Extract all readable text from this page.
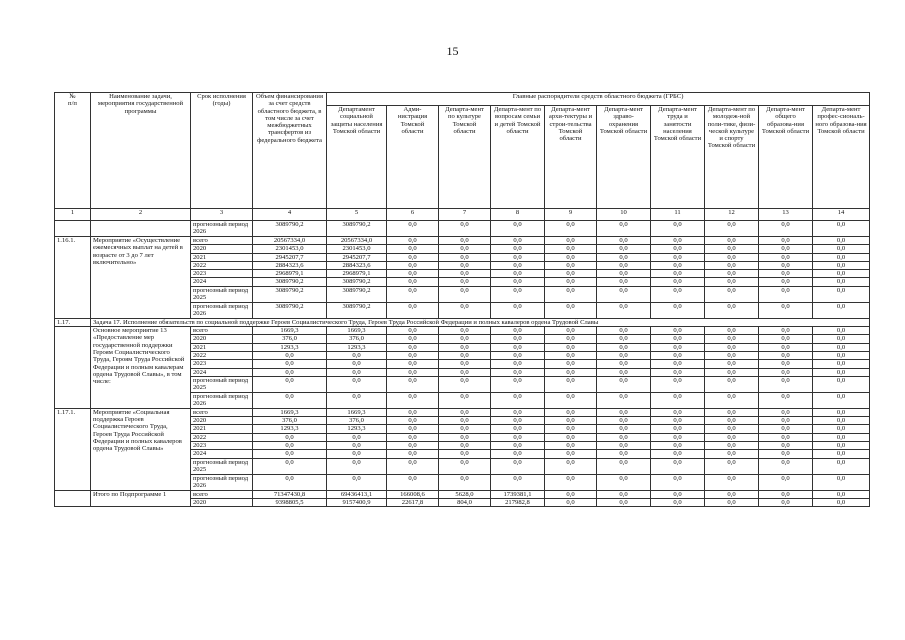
15
№
п/п	Наименование задачи, мероприятия государственной программы	Срок исполнения (годы)	Объем финансирования за счет средств областного бюджета, в том числе за счет межбюджетных трансфертов из федерального бюджета	Главные распорядители средств областного бюджета (ГРБС)									
				Департамент социальной защиты населения Томской области	Адми-нистрация Томской области	Департа-мент по культуре Томской области	Департа-мент по вопросам семьи и детей Томской области	Департа-мент архи-тектуры и строи-тельства Томской области	Департа-мент здраво-охранения Томской области	Департа-мент труда и занятости населения Томской области	Департа-мент по молодеж-ной поли-тике, физи-ческой культуре и спорту Томской области	Департа-мент общего образова-ния Томской области	Департа-мент профес-сиональ-ного образова-ния Томской области
1	2	3	4	5	6	7	8	9	10	11	12	13	14
		прогнозный период 2026	3089790,2	3089790,2	0,0	0,0	0,0	0,0	0,0	0,0	0,0	0,0	0,0
1.16.1.	Мероприятие «Осуществление ежемесячных выплат на детей в возрасте от 3 до 7 лет включительно»	всего	20567334,0	20567334,0	0,0	0,0	0,0	0,0	0,0	0,0	0,0	0,0	0,0
		2020	2301453,0	2301453,0	0,0	0,0	0,0	0,0	0,0	0,0	0,0	0,0	0,0
		2021	2945207,7	2945207,7	0,0	0,0	0,0	0,0	0,0	0,0	0,0	0,0	0,0
		2022	2884323,6	2884323,6	0,0	0,0	0,0	0,0	0,0	0,0	0,0	0,0	0,0
		2023	2968979,1	2968979,1	0,0	0,0	0,0	0,0	0,0	0,0	0,0	0,0	0,0
		2024	3089790,2	3089790,2	0,0	0,0	0,0	0,0	0,0	0,0	0,0	0,0	0,0
		прогнозный период 2025	3089790,2	3089790,2	0,0	0,0	0,0	0,0	0,0	0,0	0,0	0,0	0,0
		прогнозный период 2026	3089790,2	3089790,2	0,0	0,0	0,0	0,0	0,0	0,0	0,0	0,0	0,0
1.17.	Задача 17. Исполнение обязательств по социальной поддержке Героев Социалистического Труда, Героев Труда Российской Федерации и полных кавалеров ордена Трудовой Славы												
	Основное мероприятие 13 «Предоставление мер государственной поддержки Героям Социалистического Труда, Героям Труда Российской Федерации и полным кавалерам ордена Трудовой Славы», в том числе:	всего	1669,3	1669,3	0,0	0,0	0,0	0,0	0,0	0,0	0,0	0,0	0,0
		2020	376,0	376,0	0,0	0,0	0,0	0,0	0,0	0,0	0,0	0,0	0,0
		2021	1293,3	1293,3	0,0	0,0	0,0	0,0	0,0	0,0	0,0	0,0	0,0
		2022	0,0	0,0	0,0	0,0	0,0	0,0	0,0	0,0	0,0	0,0	0,0
		2023	0,0	0,0	0,0	0,0	0,0	0,0	0,0	0,0	0,0	0,0	0,0
		2024	0,0	0,0	0,0	0,0	0,0	0,0	0,0	0,0	0,0	0,0	0,0
		прогнозный период 2025	0,0	0,0	0,0	0,0	0,0	0,0	0,0	0,0	0,0	0,0	0,0
		прогнозный период 2026	0,0	0,0	0,0	0,0	0,0	0,0	0,0	0,0	0,0	0,0	0,0
1.17.1.	Мероприятие «Социальная поддержка Героев Социалистического Труда, Героев Труда Российской Федерации и полных кавалеров ордена Трудовой Славы»	всего	1669,3	1669,3	0,0	0,0	0,0	0,0	0,0	0,0	0,0	0,0	0,0
		2020	376,0	376,0	0,0	0,0	0,0	0,0	0,0	0,0	0,0	0,0	0,0
		2021	1293,3	1293,3	0,0	0,0	0,0	0,0	0,0	0,0	0,0	0,0	0,0
		2022	0,0	0,0	0,0	0,0	0,0	0,0	0,0	0,0	0,0	0,0	0,0
		2023	0,0	0,0	0,0	0,0	0,0	0,0	0,0	0,0	0,0	0,0	0,0
		2024	0,0	0,0	0,0	0,0	0,0	0,0	0,0	0,0	0,0	0,0	0,0
		прогнозный период 2025	0,0	0,0	0,0	0,0	0,0	0,0	0,0	0,0	0,0	0,0	0,0
		прогнозный период 2026	0,0	0,0	0,0	0,0	0,0	0,0	0,0	0,0	0,0	0,0	0,0
	Итого по Подпрограмме 1	всего	71347430,8	69436413,1	166008,6	5628,0	1739381,1	0,0	0,0	0,0	0,0	0,0	0,0
		2020	9398805,5	9157400,9	22617,8	804,0	217982,8	0,0	0,0	0,0	0,0	0,0	0,0
